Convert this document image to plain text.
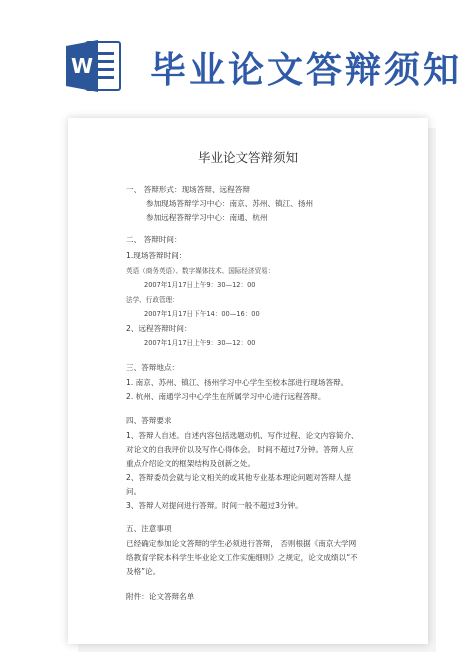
W 毕业论文答辩须知
毕业论文答辩须知
一、 答辩形式：现场答辩、远程答辩
参加现场答辩学习中心：南京、苏州、镇江、扬州
参加远程答辩学习中心：南通、杭州
二、 答辩时间：
1.现场答辩时间：
英语（商务英语）、数字媒体技术、国际经济贸易：
2007年1月17日上午9：30—12：00
法学、行政管理：
2007年1月17日下午14：00—16：00
2、远程答辩时间：
2007年1月17日上午9：30—12：00
三、答辩地点：
1. 南京、苏州、镇江、扬州学习中心学生至校本部进行现场答辩。
2. 杭州、南通学习中心学生在所属学习中心进行远程答辩。
四、答辩要求
1、答辩人自述。自述内容包括选题动机、写作过程、论文内容简介、
对论文的自我评价以及写作心得体会。 时间不超过7分钟。答辩人应
重点介绍论文的框架结构及创新之处。
2、答辩委员会就与论文相关的或其他专业基本理论问题对答辩人提
问。
3、答辩人对提问进行答辩。时间一般不超过3分钟。
五、注意事项
已经确定参加论文答辩的学生必须进行答辩， 否则根据《南京大学网
络教育学院本科学生毕业论文工作实施细则》之规定，论文成绩以“不
及格”论。
附件：论文答辩名单
